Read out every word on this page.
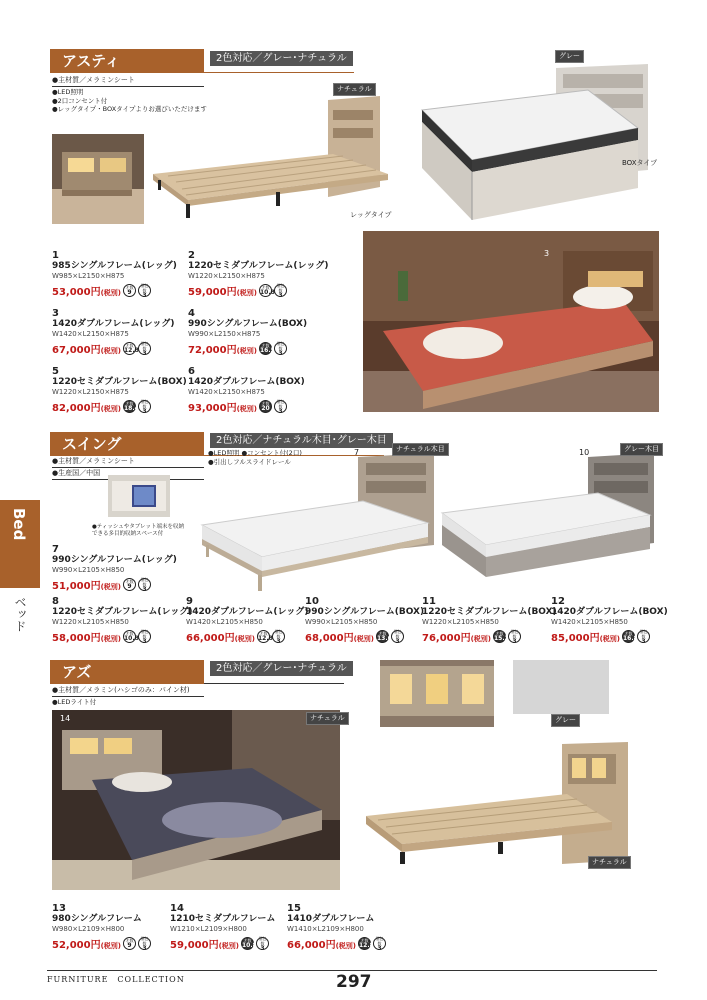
アスティ	2色対応／グレー･ナチュラル
●主材質／メラミンシート
●LED照明
●2口コンセント付
●レッグタイプ・BOXタイプよりお選びいただけます
ナチュラル
レッグタイプ
グレー
BOXタイプ
3
1
985シングルフレーム(レッグ)
W985×L2150×H875
53,000円(税別)
才数
9
梱包数
3
2
1220セミダブルフレーム(レッグ)
W1220×L2150×H875
59,000円(税別)
才数
10.8
梱包数
3
3
1420ダブルフレーム(レッグ)
W1420×L2150×H875
67,000円(税別)
才数
12.8
梱包数
3
4
990シングルフレーム(BOX)
W990×L2150×H875
72,000円(税別)
才数
16.5
梱包数
3
5
1220セミダブルフレーム(BOX)
W1220×L2150×H875
82,000円(税別)
才数
18.4
梱包数
3
6
1420ダブルフレーム(BOX)
W1420×L2150×H875
93,000円(税別)
才数
20
梱包数
3
スイング	2色対応／ナチュラル木目･グレー木目
●主材質／メラミンシート
●生産国／中国
●LED照明 ●コンセント付(2口)
●引出しフルスライドレール
●ティッシュやタブレット端末を収納
できる多目的収納スペース付
7	ナチュラル木目	10	グレー木目
7
990シングルフレーム(レッグ)
W990×L2105×H850
51,000円(税別)
才数
9
梱包数
3
8
1220セミダブルフレーム(レッグ)
W1220×L2105×H850
58,000円(税別)
才数
10.8
梱包数
3
9
1420ダブルフレーム(レッグ)
W1420×L2105×H850
66,000円(税別)
才数
12.8
梱包数
3
10
990シングルフレーム(BOX)
W990×L2105×H850
68,000円(税別)
才数
13.6
梱包数
3
11
1220セミダブルフレーム(BOX)
W1220×L2105×H850
76,000円(税別)
才数
15.2
梱包数
3
12
1420ダブルフレーム(BOX)
W1420×L2105×H850
85,000円(税別)
才数
16.8
梱包数
3
Bed
ベッド
アズ	2色対応／グレー･ナチュラル
●主材質／メラミン(ハシゴのみ：パイン材)
●LEDライト付
14	ナチュラル	グレー
ナチュラル
13
980シングルフレーム
W980×L2109×H800
52,000円(税別)
才数
9
梱包数
3
14
1210セミダブルフレーム
W1210×L2109×H800
59,000円(税別)
才数
10.8
梱包数
3
15
1410ダブルフレーム
W1410×L2109×H800
66,000円(税別)
才数
12.8
梱包数
3
FURNITURE　COLLECTION	297
